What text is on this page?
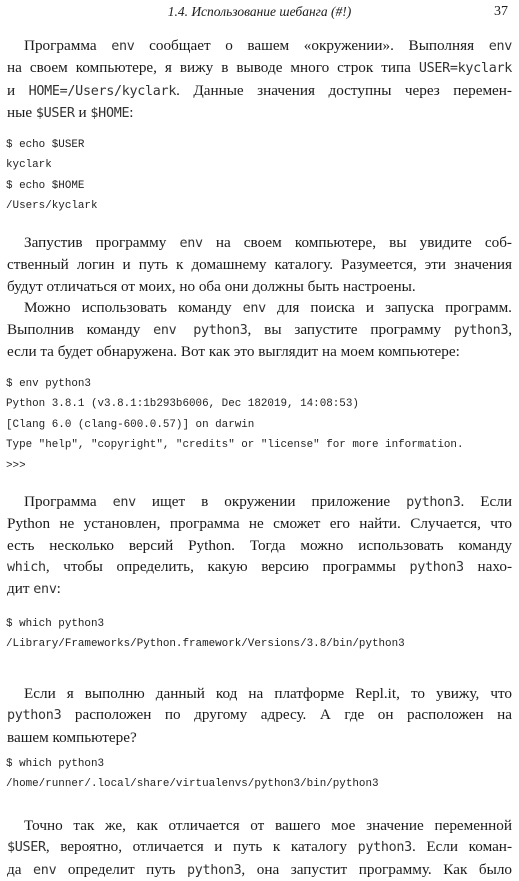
1.4. Использование шебанга (#!)	37
Программа env сообщает о вашем «окружении». Выполняя env
на своем компьютере, я вижу в выводе много строк типа USER=kyclark
и HOME=/Users/kyclark. Данные значения доступны через перемен-
ные $USER и $HOME:
$ echo $USER
kyclark
$ echo $HOME
/Users/kyclark
Запустив программу env на своем компьютере, вы увидите соб-
ственный логин и путь к домашнему каталогу. Разумеется, эти значения
будут отличаться от моих, но оба они должны быть настроены.
Можно использовать команду env для поиска и запуска программ.
Выполнив команду env python3, вы запустите программу python3,
если та будет обнаружена. Вот как это выглядит на моем компьютере:
$ env python3
Python 3.8.1 (v3.8.1:1b293b6006, Dec 182019, 14:08:53)
[Clang 6.0 (clang-600.0.57)] on darwin
Type "help", "copyright", "credits" or "license" for more information.
>>>
Программа env ищет в окружении приложение python3. Если
Python не установлен, программа не сможет его найти. Случается, что
есть несколько версий Python. Тогда можно использовать команду
which, чтобы определить, какую версию программы python3 нахо-
дит env:
$ which python3
/Library/Frameworks/Python.framework/Versions/3.8/bin/python3
Если я выполню данный код на платформе Repl.it, то увижу, что
python3 расположен по другому адресу. А где он расположен на
вашем компьютере?
$ which python3
/home/runner/.local/share/virtualenvs/python3/bin/python3
Точно так же, как отличается от вашего мое значение переменной
$USER, вероятно, отличается и путь к каталогу python3. Если коман-
да env определит путь python3, она запустит программу. Как было
